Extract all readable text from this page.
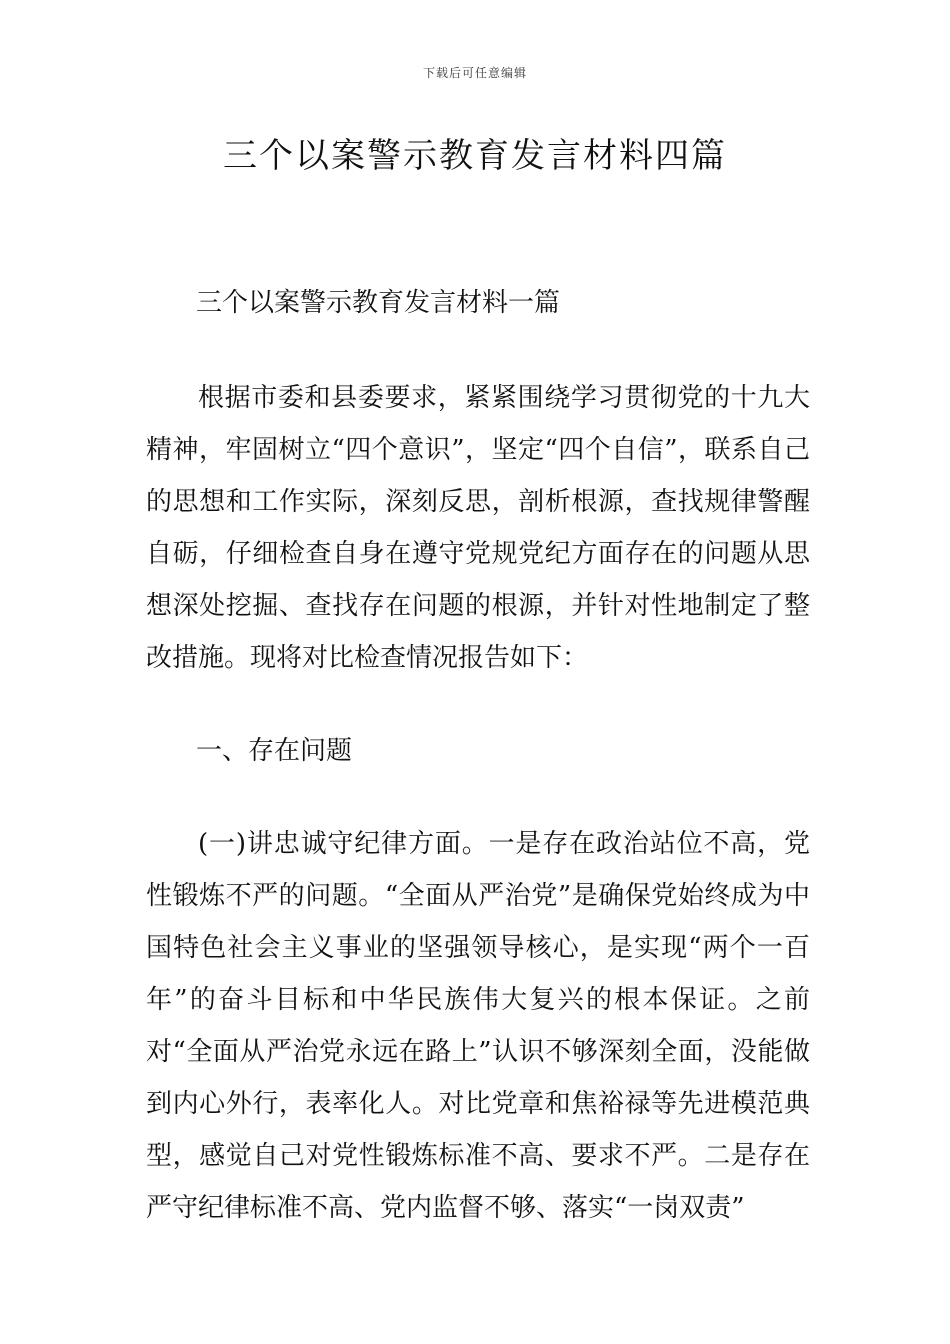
下载后可任意编辑
三个以案警示教育发言材料四篇

三个以案警示教育发言材料一篇

根据市委和县委要求，紧紧围绕学习贯彻党的十九大精神，牢固树立“四个意识”，坚定“四个自信”，联系自己的思想和工作实际，深刻反思，剖析根源，查找规律警醒自砺，仔细检查自身在遵守党规党纪方面存在的问题从思想深处挖掘、查找存在问题的根源，并针对性地制定了整改措施。现将对比检查情况报告如下：

一、存在问题

(一)讲忠诚守纪律方面。一是存在政治站位不高，党性锻炼不严的问题。“全面从严治党”是确保党始终成为中国特色社会主义事业的坚强领导核心，是实现“两个一百年”的奋斗目标和中华民族伟大复兴的根本保证。之前对“全面从严治党永远在路上”认识不够深刻全面，没能做到内心外行，表率化人。对比党章和焦裕禄等先进模范典型，感觉自己对党性锻炼标准不高、要求不严。二是存在严守纪律标准不高、党内监督不够、落实“一岗双责”
